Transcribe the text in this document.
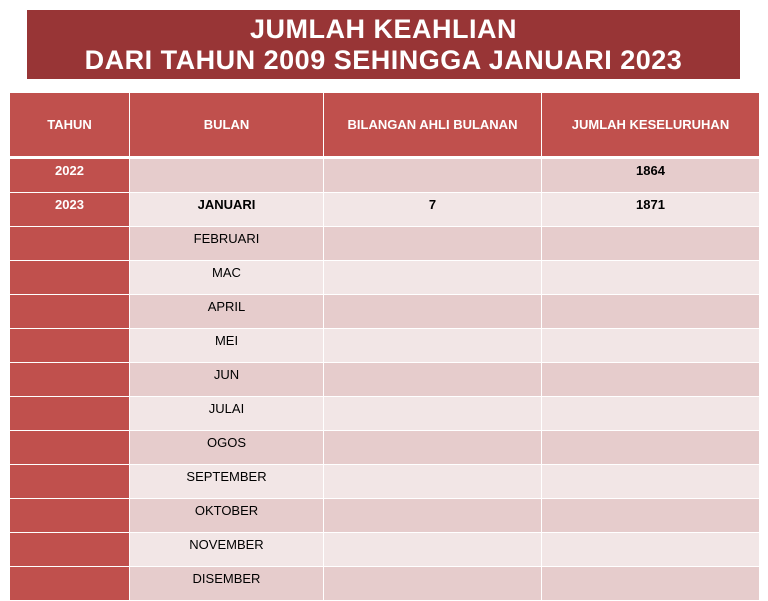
JUMLAH KEAHLIAN
DARI TAHUN 2009 SEHINGGA JANUARI 2023
TAHUN	BULAN	BILANGAN AHLI BULANAN	JUMLAH KESELURUHAN
2022			1864
2023	JANUARI	7	1871
	FEBRUARI		
	MAC		
	APRIL		
	MEI		
	JUN		
	JULAI		
	OGOS		
	SEPTEMBER		
	OKTOBER		
	NOVEMBER		
	DISEMBER		
